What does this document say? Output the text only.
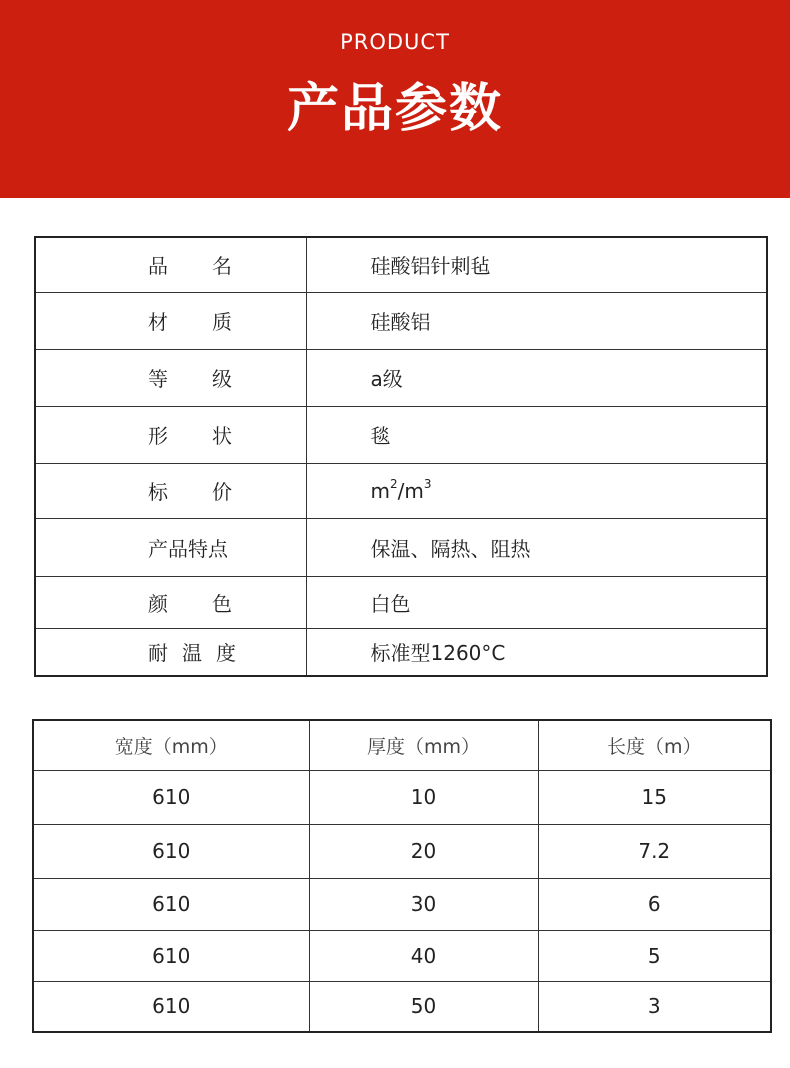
PRODUCT
产品参数
品名	硅酸铝针刺毡
材质	硅酸铝
等级	a级
形状	毯
标价	$m^2/m^3$
产品特点	保温、隔热、阻热
颜色	白色
耐温度	标准型1260°C
宽度（mm）	厚度（mm）	长度（m）
610	10	15
610	20	7.2
610	30	6
610	40	5
610	50	3
